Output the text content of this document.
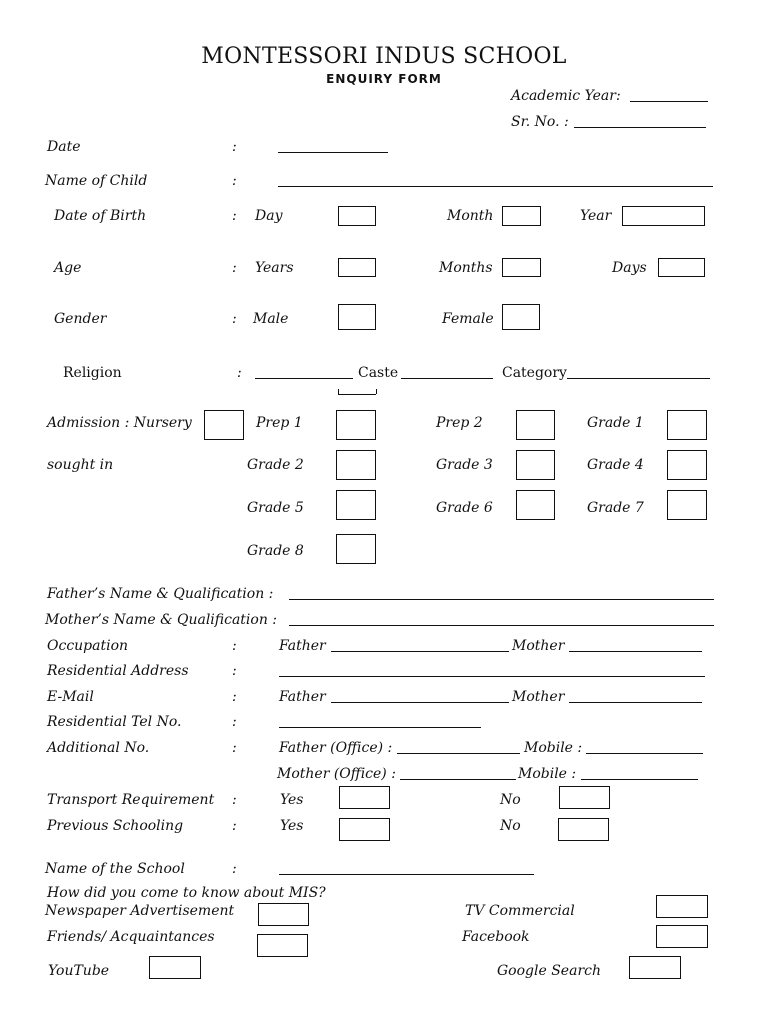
MONTESSORI INDUS SCHOOL
ENQUIRY FORM
Academic Year:
Sr. No. :
Date	:
Name of Child	:
Date of Birth	: Day	Month	Year
Age	: Years	Months	Days
Gender	: Male	Female
Religion	:	Caste	Category
Admission : Nursery	Prep 1	Prep 2	Grade 1
sought in	Grade 2	Grade 3	Grade 4
Grade 5	Grade 6	Grade 7
Grade 8
Father’s Name & Qualification :
Mother’s Name & Qualification :
Occupation	:	Father	Mother
Residential Address	:
E-Mail	:	Father	Mother
Residential Tel No.	:
Additional No.	:	Father (Office) :	Mobile :
Mother (Office) :	Mobile :
Transport Requirement :	Yes	No
Previous Schooling	:	Yes	No
Name of the School	:
How did you come to know about MIS?
Newspaper Advertisement	TV Commercial
Friends/ Acquaintances	Facebook
YouTube	Google Search
